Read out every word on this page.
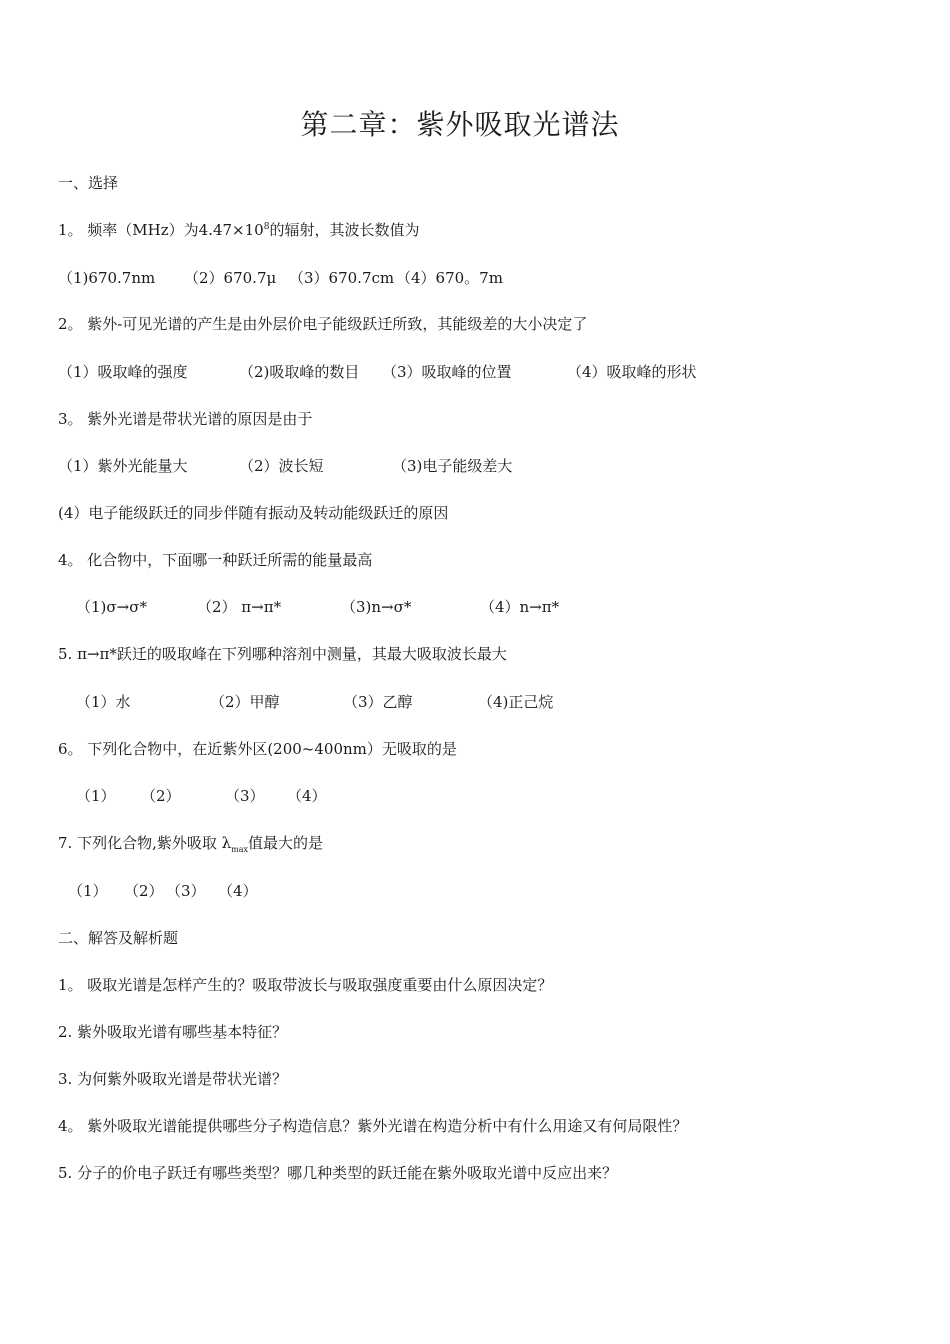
第二章：紫外吸取光谱法
一、选择
1。 频率（MHz）为$4.47\times 10^8$的辐射，其波长数值为
（1)670.7nm （2）670.7μ （3）670.7cm （4）670。7m
2。 紫外-可见光谱的产生是由外层价电子能级跃迁所致，其能级差的大小决定了
（1）吸取峰的强度	（2)吸取峰的数目 （3）吸取峰的位置	（4）吸取峰的形状
3。 紫外光谱是带状光谱的原因是由于
（1）紫外光能量大	（2）波长短	（3)电子能级差大
(4）电子能级跃迁的同步伴随有振动及转动能级跃迁的原因
4。 化合物中，下面哪一种跃迁所需的能量最高
（1)σ→σ*	（2） π→π*	（3)n→σ*	（4）n→π*
5. π→π*跃迁的吸取峰在下列哪种溶剂中测量，其最大吸取波长最大
（1）水	（2）甲醇	（3）乙醇	（4)正己烷
6。 下列化合物中，在近紫外区(200~400nm）无吸取的是
（1） （2）	（3） （4）
7. 下列化合物,紫外吸取 $\lambda_{max}$值最大的是
（1） （2） （3） （4）
二、解答及解析题
1。 吸取光谱是怎样产生的？吸取带波长与吸取强度重要由什么原因决定？
2. 紫外吸取光谱有哪些基本特征？
3. 为何紫外吸取光谱是带状光谱？
4。 紫外吸取光谱能提供哪些分子构造信息？紫外光谱在构造分析中有什么用途又有何局限性？
5. 分子的价电子跃迁有哪些类型？哪几种类型的跃迁能在紫外吸取光谱中反应出来？
